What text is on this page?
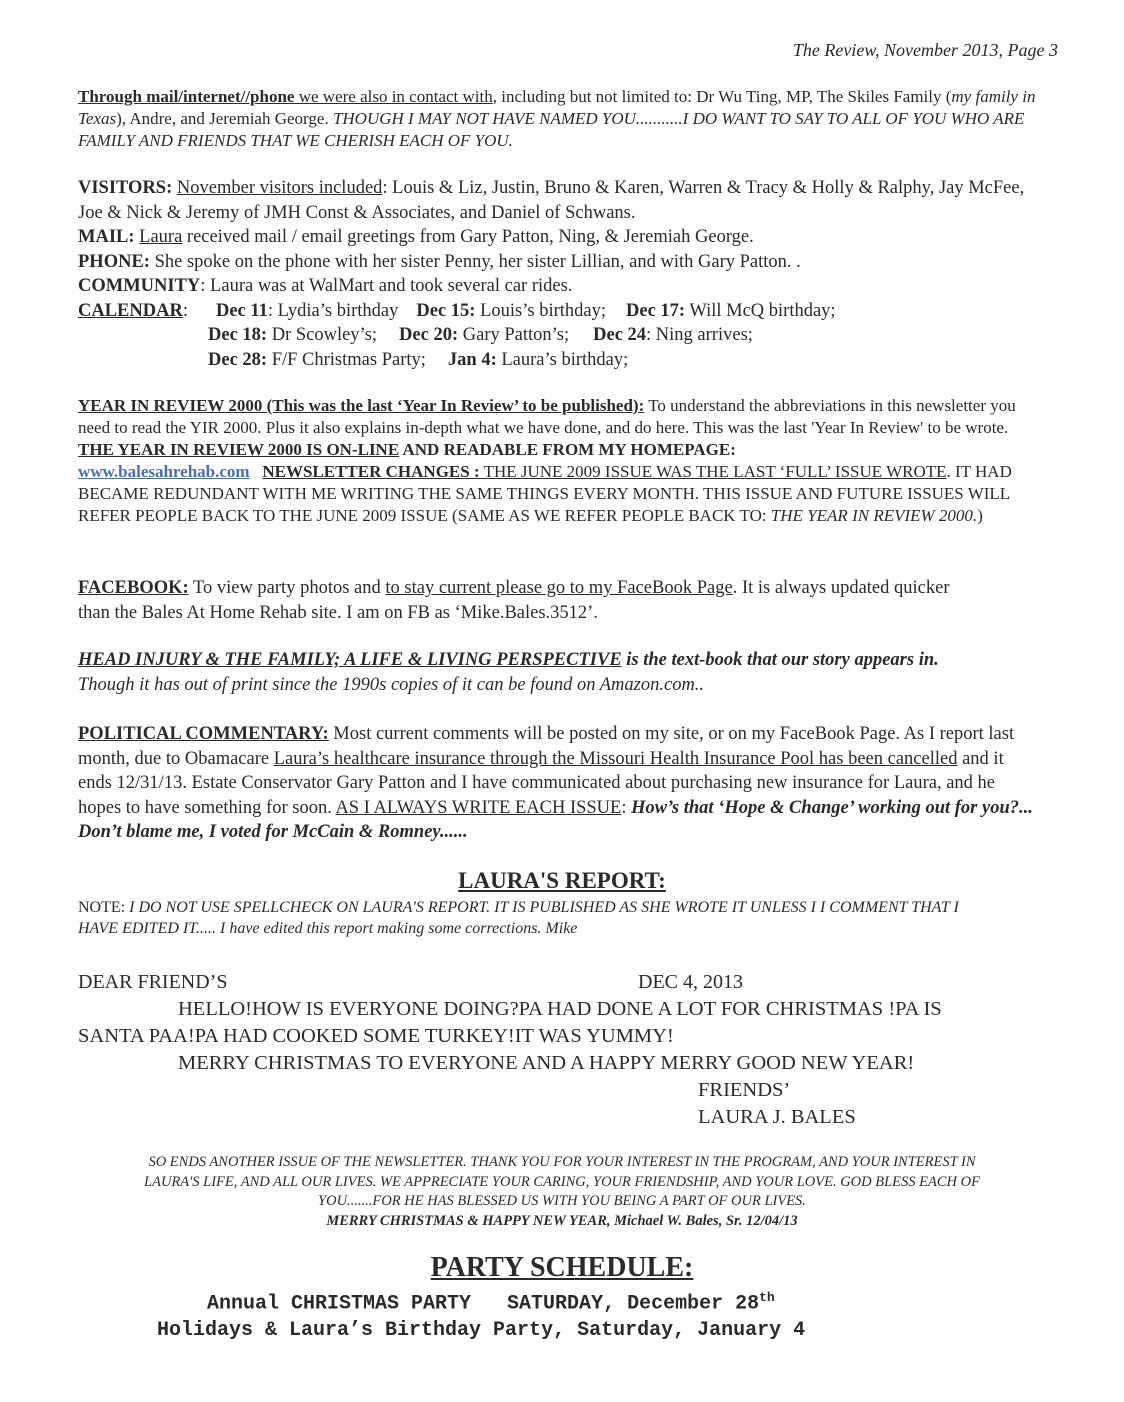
The Review, November 2013, Page 3
Through mail/internet//phone we were also in contact with, including but not limited to: Dr Wu Ting, MP, The Skiles Family (my family in Texas), Andre, and Jeremiah George. THOUGH I MAY NOT HAVE NAMED YOU...........I DO WANT TO SAY TO ALL OF YOU WHO ARE FAMILY AND FRIENDS THAT WE CHERISH EACH OF YOU.
VISITORS: November visitors included: Louis & Liz, Justin, Bruno & Karen, Warren & Tracy & Holly & Ralphy, Jay McFee, Joe & Nick & Jeremy of JMH Const & Associates, and Daniel of Schwans.
MAIL: Laura received mail / email greetings from Gary Patton, Ning, & Jeremiah George.
PHONE: She spoke on the phone with her sister Penny, her sister Lillian, and with Gary Patton. .
COMMUNITY: Laura was at WalMart and took several car rides.
CALENDAR: Dec 11: Lydia’s birthday Dec 15: Louis’s birthday; Dec 17: Will McQ birthday;
Dec 18: Dr Scowley’s; Dec 20: Gary Patton’s; Dec 24: Ning arrives;
Dec 28: F/F Christmas Party; Jan 4: Laura’s birthday;
YEAR IN REVIEW 2000 (This was the last ‘Year In Review’ to be published): To understand the abbreviations in this newsletter you need to read the YIR 2000. Plus it also explains in-depth what we have done, and do here. This was the last 'Year In Review' to be wrote. THE YEAR IN REVIEW 2000 IS ON-LINE AND READABLE FROM MY HOMEPAGE: www.balesahrehab.com NEWSLETTER CHANGES : THE JUNE 2009 ISSUE WAS THE LAST ‘FULL’ ISSUE WROTE. IT HAD BECAME REDUNDANT WITH ME WRITING THE SAME THINGS EVERY MONTH. THIS ISSUE AND FUTURE ISSUES WILL REFER PEOPLE BACK TO THE JUNE 2009 ISSUE (SAME AS WE REFER PEOPLE BACK TO: THE YEAR IN REVIEW 2000.)
FACEBOOK: To view party photos and to stay current please go to my FaceBook Page. It is always updated quicker than the Bales At Home Rehab site. I am on FB as ‘Mike.Bales.3512’.
HEAD INJURY & THE FAMILY; A LIFE & LIVING PERSPECTIVE is the text-book that our story appears in.
Though it has out of print since the 1990s copies of it can be found on Amazon.com..
POLITICAL COMMENTARY: Most current comments will be posted on my site, or on my FaceBook Page. As I report last month, due to Obamacare Laura’s healthcare insurance through the Missouri Health Insurance Pool has been cancelled and it ends 12/31/13. Estate Conservator Gary Patton and I have communicated about purchasing new insurance for Laura, and he hopes to have something for soon. AS I ALWAYS WRITE EACH ISSUE: How’s that ‘Hope & Change’ working out for you?... Don’t blame me, I voted for McCain & Romney......
LAURA'S REPORT:
NOTE: I DO NOT USE SPELLCHECK ON LAURA'S REPORT. IT IS PUBLISHED AS SHE WROTE IT UNLESS I I COMMENT THAT I HAVE EDITED IT..... I have edited this report making some corrections. Mike
DEAR FRIEND’S	DEC 4, 2013
HELLO!HOW IS EVERYONE DOING?PA HAD DONE A LOT FOR CHRISTMAS !PA IS
SANTA PAA!PA HAD COOKED SOME TURKEY!IT WAS YUMMY!
MERRY CHRISTMAS TO EVERYONE AND A HAPPY MERRY GOOD NEW YEAR!
FRIENDS’
LAURA J. BALES
SO ENDS ANOTHER ISSUE OF THE NEWSLETTER. THANK YOU FOR YOUR INTEREST IN THE PROGRAM, AND YOUR INTEREST IN
LAURA'S LIFE, AND ALL OUR LIVES. WE APPRECIATE YOUR CARING, YOUR FRIENDSHIP, AND YOUR LOVE. GOD BLESS EACH OF
YOU.......FOR HE HAS BLESSED US WITH YOU BEING A PART OF OUR LIVES.
MERRY CHRISTMAS & HAPPY NEW YEAR, Michael W. Bales, Sr. 12/04/13
PARTY SCHEDULE:
Annual CHRISTMAS PARTY   SATURDAY, December 28th
Holidays & Laura’s Birthday Party, Saturday, January 4
